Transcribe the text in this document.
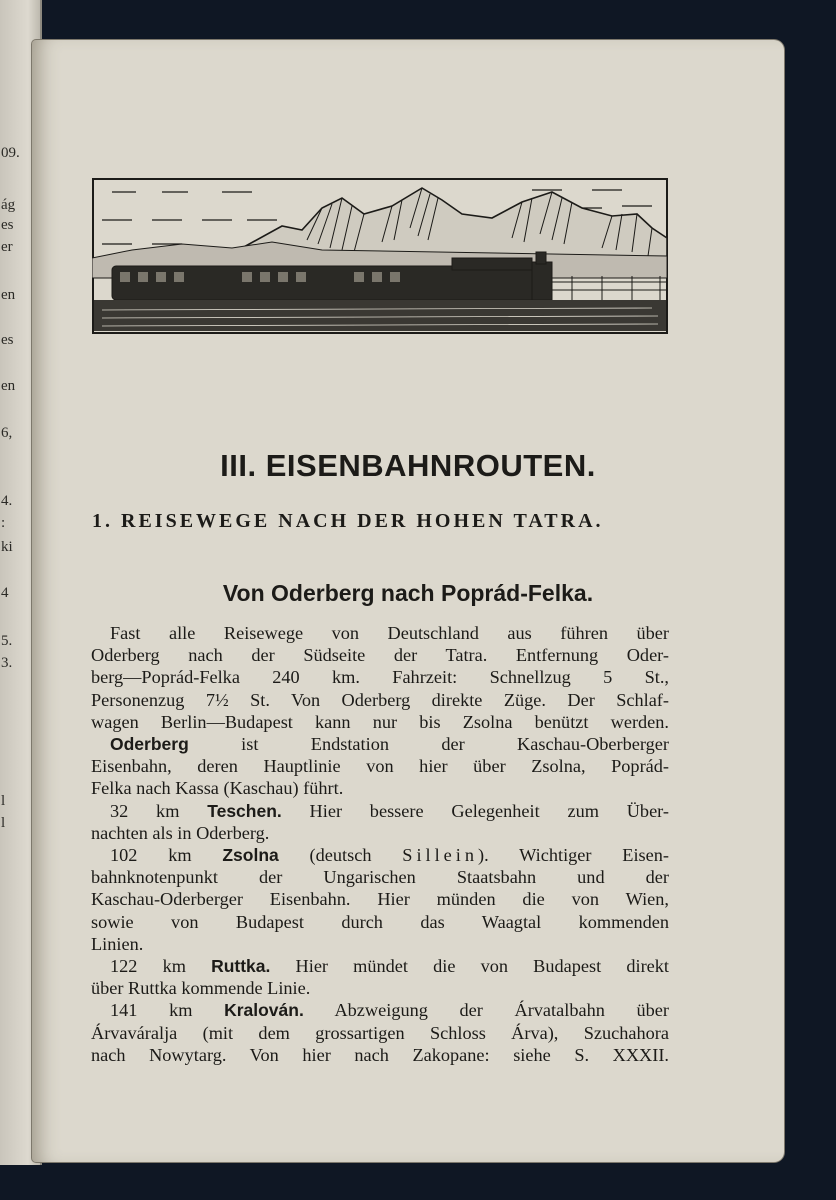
09.
ág
es
er
en
es
en
6,
4.
:
ki
4
5.
3.
l
l
III. EISENBAHNROUTEN.
1. REISEWEGE NACH DER HOHEN TATRA.
Von Oderberg nach Poprád-Felka.
Fast alle Reisewege von Deutschland aus führen über
Oderberg nach der Südseite der Tatra. Entfernung Oder-
berg—Poprád-Felka 240 km. Fahrzeit: Schnellzug 5 St.,
Personenzug 7½ St. Von Oderberg direkte Züge. Der Schlaf-
wagen Berlin—Budapest kann nur bis Zsolna benützt werden.
Oderberg ist Endstation der Kaschau-Oberberger
Eisenbahn, deren Hauptlinie von hier über Zsolna, Poprád-
Felka nach Kassa (Kaschau) führt.
32 km Teschen. Hier bessere Gelegenheit zum Über-
nachten als in Oderberg.
102 km Zsolna (deutsch Sillein). Wichtiger Eisen-
bahnknotenpunkt der Ungarischen Staatsbahn und der
Kaschau-Oderberger Eisenbahn. Hier münden die von Wien,
sowie von Budapest durch das Waagtal kommenden
Linien.
122 km Ruttka. Hier mündet die von Budapest direkt
über Ruttka kommende Linie.
141 km Kralován. Abzweigung der Árvatalbahn über
Árvaváralja (mit dem grossartigen Schloss Árva), Szuchahora
nach Nowytarg. Von hier nach Zakopane: siehe S. XXXII.
